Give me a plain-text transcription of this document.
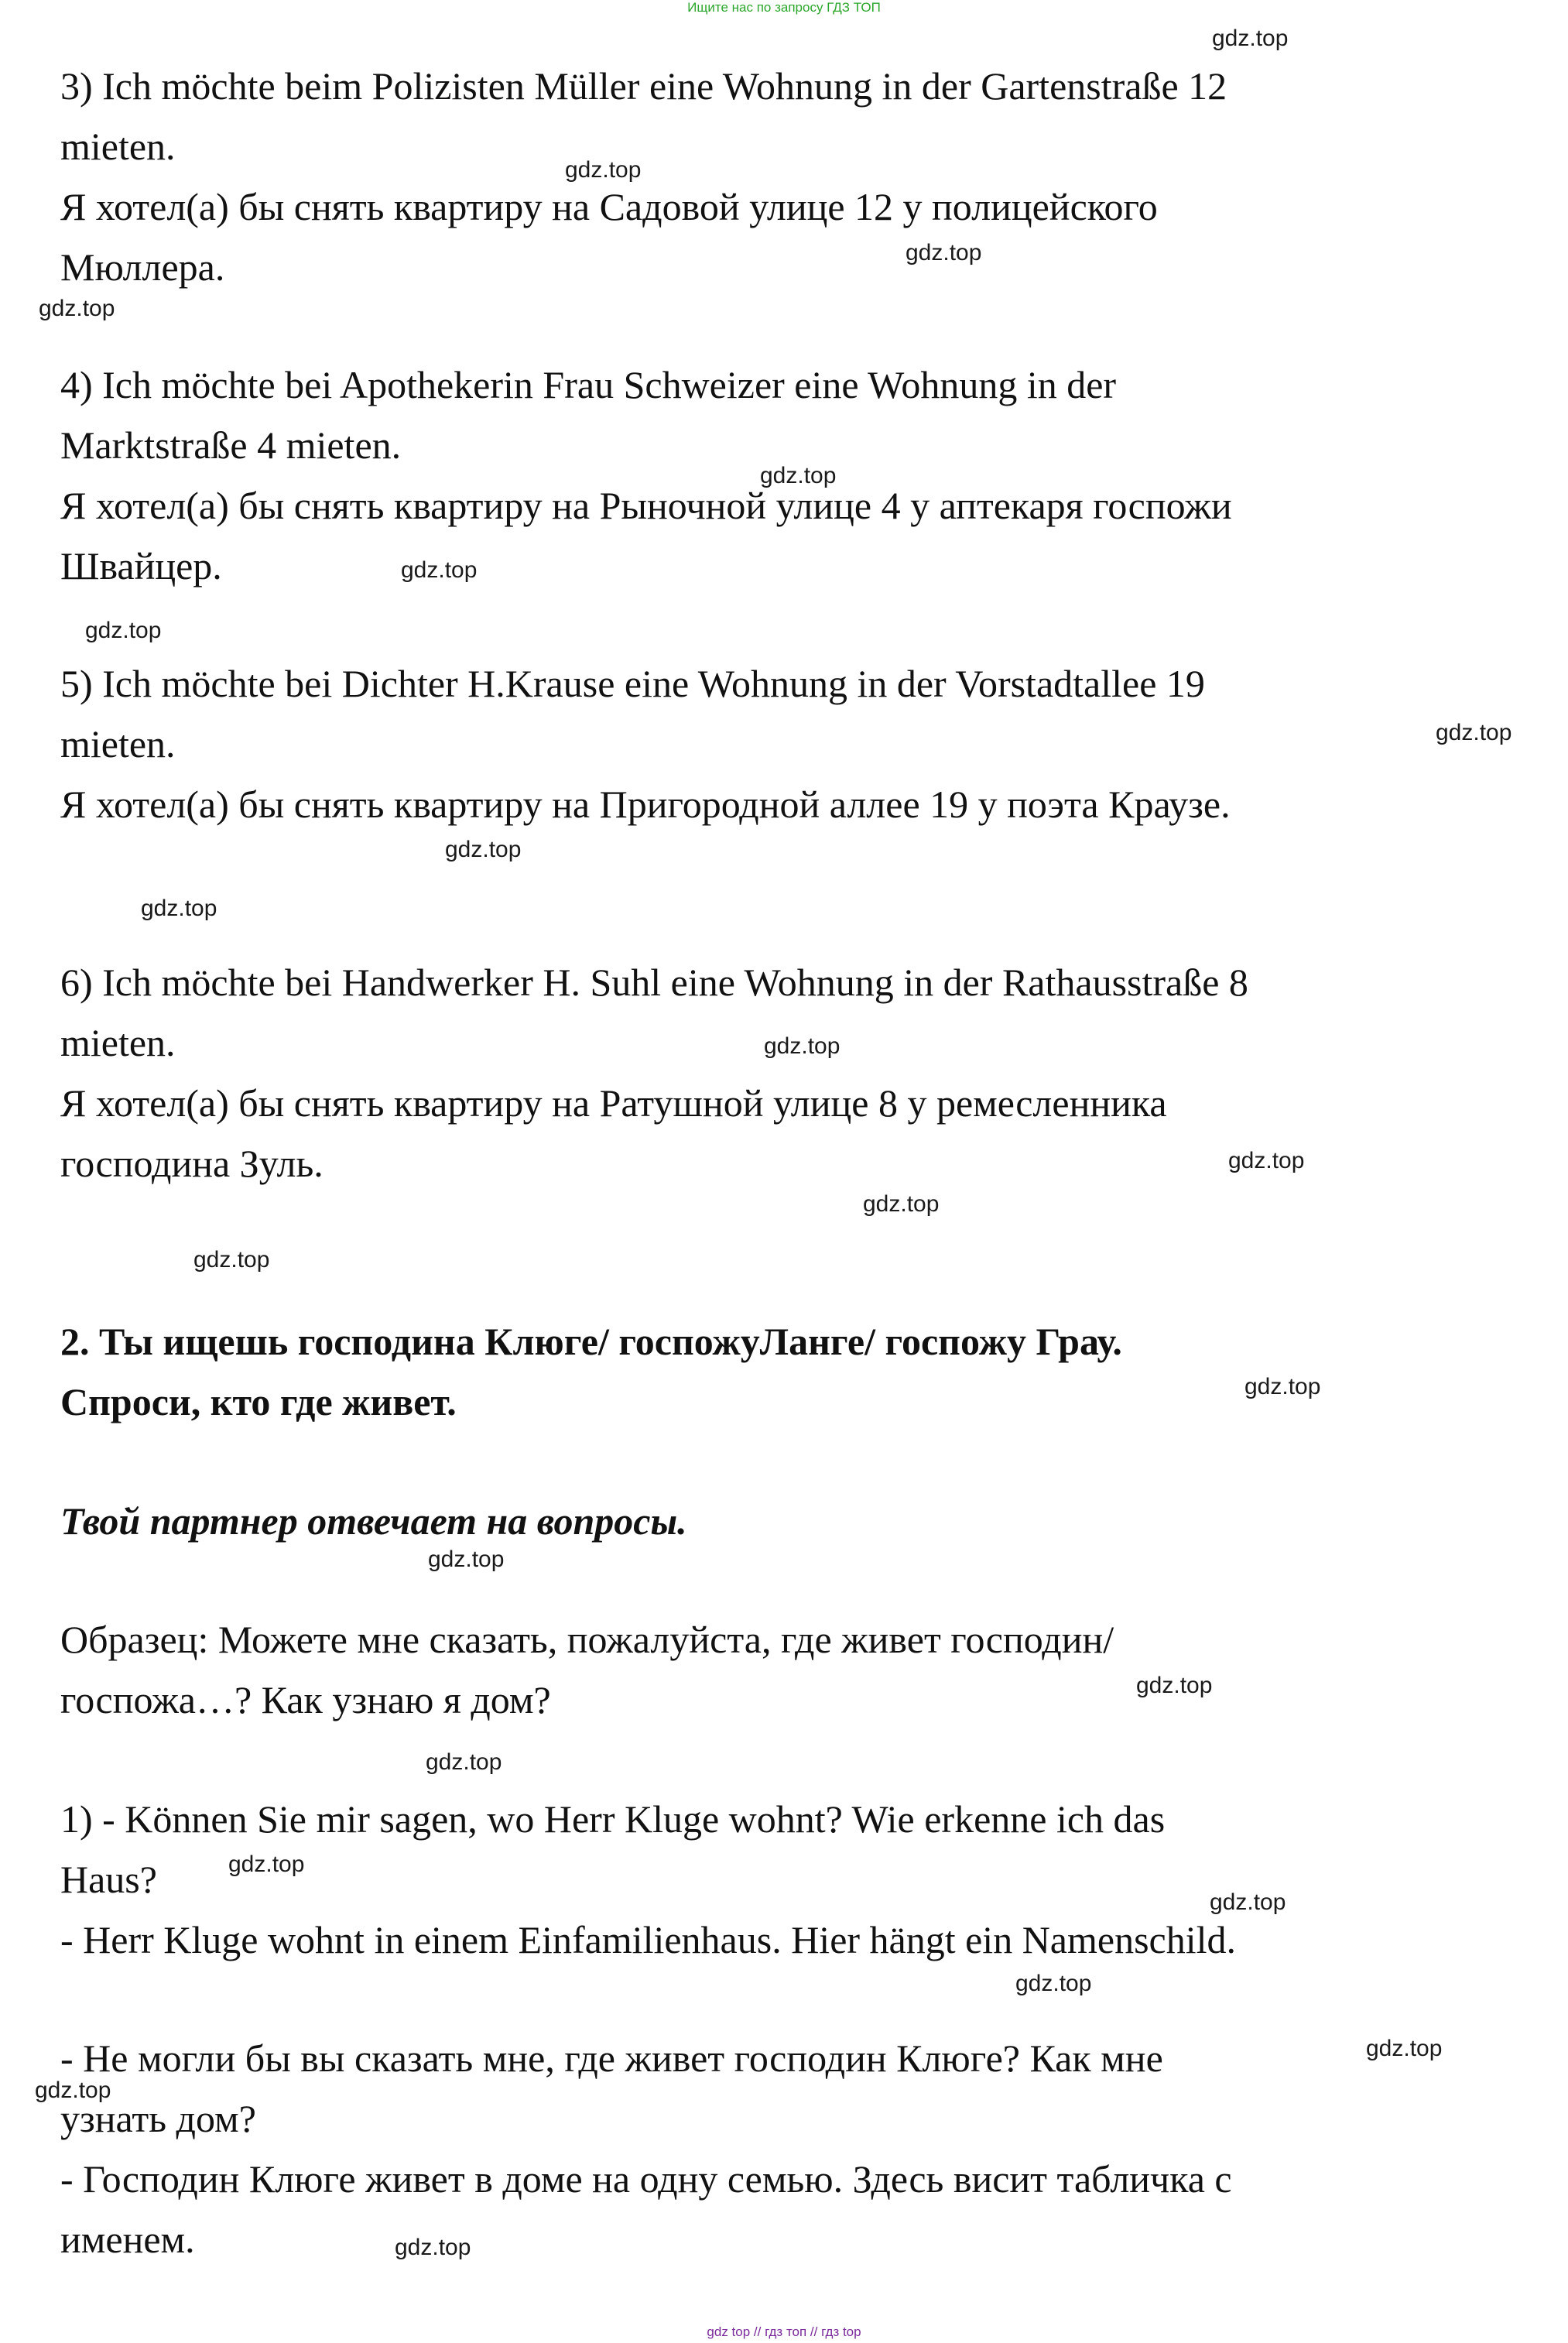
Ищите нас по запросу ГДЗ ТОП
3) Ich möchte beim Polizisten Müller eine Wohnung in der Gartenstraße 12
mieten.
Я хотел(а) бы снять квартиру на Садовой улице 12 у полицейского
Мюллера.
4) Ich möchte bei Apothekerin Frau Schweizer eine Wohnung in der
Marktstraße 4 mieten.
Я хотел(а) бы снять квартиру на Рыночной улице 4 у аптекаря госпожи
Швайцер.
5) Ich möchte bei Dichter H.Krause eine Wohnung in der Vorstadtallee 19
mieten.
Я хотел(а) бы снять квартиру на Пригородной аллее 19 у поэта Краузе.
6) Ich möchte bei Handwerker H. Suhl eine Wohnung in der Rathausstraße 8
mieten.
Я хотел(а) бы снять квартиру на Ратушной улице 8 у ремесленника
господина Зуль.
2. Ты ищешь господина Клюге/ госпожуЛанге/ госпожу Грау.
Спроси, кто где живет.
Твой партнер отвечает на вопросы.
Образец: Можете мне сказать, пожалуйста, где живет господин/
госпожа…? Как узнаю я дом?
1) - Können Sie mir sagen, wo Herr Kluge wohnt? Wie erkenne ich das
Haus?
- Herr Kluge wohnt in einem Einfamilienhaus. Hier hängt ein Namenschild.
- Не могли бы вы сказать мне, где живет господин Клюге? Как мне
узнать дом?
- Господин Клюге живет в доме на одну семью. Здесь висит табличка с
именем.
gdz.top
gdz.top
gdz.top
gdz.top
gdz.top
gdz.top
gdz.top
gdz.top
gdz.top
gdz.top
gdz.top
gdz.top
gdz.top
gdz.top
gdz.top
gdz.top
gdz.top
gdz.top
gdz.top
gdz.top
gdz.top
gdz.top
gdz.top
gdz.top
gdz top // гдз топ // гдз top
